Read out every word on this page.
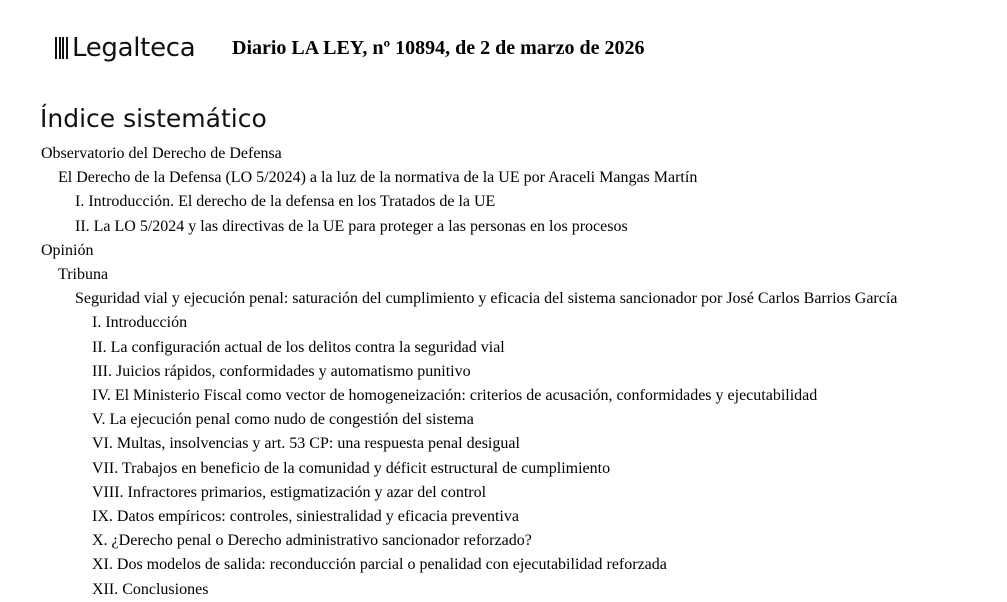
Legalteca Diario LA LEY, nº 10894, de 2 de marzo de 2026
Índice sistemático
Observatorio del Derecho de Defensa
El Derecho de la Defensa (LO 5/2024) a la luz de la normativa de la UE por Araceli Mangas Martín
I. Introducción. El derecho de la defensa en los Tratados de la UE
II. La LO 5/2024 y las directivas de la UE para proteger a las personas en los procesos
Opinión
Tribuna
Seguridad vial y ejecución penal: saturación del cumplimiento y eficacia del sistema sancionador por José Carlos Barrios García
I. Introducción
II. La configuración actual de los delitos contra la seguridad vial
III. Juicios rápidos, conformidades y automatismo punitivo
IV. El Ministerio Fiscal como vector de homogeneización: criterios de acusación, conformidades y ejecutabilidad
V. La ejecución penal como nudo de congestión del sistema
VI. Multas, insolvencias y art. 53 CP: una respuesta penal desigual
VII. Trabajos en beneficio de la comunidad y déficit estructural de cumplimiento
VIII. Infractores primarios, estigmatización y azar del control
IX. Datos empíricos: controles, siniestralidad y eficacia preventiva
X. ¿Derecho penal o Derecho administrativo sancionador reforzado?
XI. Dos modelos de salida: reconducción parcial o penalidad con ejecutabilidad reforzada
XII. Conclusiones
